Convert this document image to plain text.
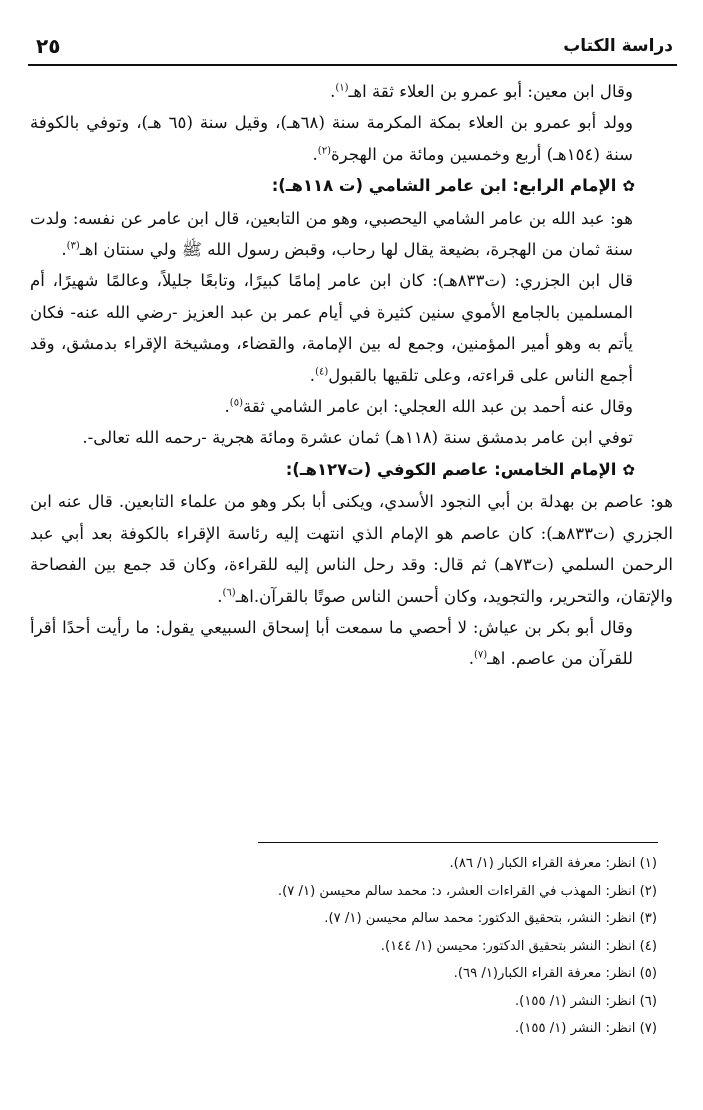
دراسة الكتاب
٢٥

وقال ابن معين: أبو عمرو بن العلاء ثقة اهـ$^{(١)}$.

وولد أبو عمرو بن العلاء بمكة المكرمة سنة (٦٨هـ)، وقيل سنة (٦٥ هـ)، وتوفي بالكوفة سنة (١٥٤هـ) أربع وخمسين ومائة من الهجرة$^{(٢)}$.

✿الإمام الرابع: ابن عامر الشامي (ت ١١٨هـ):

هو: عبد الله بن عامر الشامي اليحصبي، وهو من التابعين، قال ابن عامر عن نفسه: ولدت سنة ثمان من الهجرة، بضيعة يقال لها رحاب، وقبض رسول الله ﷺ ولي سنتان اهـ$^{(٣)}$.

قال ابن الجزري: (ت٨٣٣هـ): كان ابن عامر إمامًا كبيرًا، وتابعًا جليلاً، وعالمًا شهيرًا، أم المسلمين بالجامع الأموي سنين كثيرة في أيام عمر بن عبد العزيز -رضي الله عنه- فكان يأتم به وهو أمير المؤمنين، وجمع له بين الإمامة، والقضاء، ومشيخة الإقراء بدمشق، وقد أجمع الناس على قراءته، وعلى تلقيها بالقبول$^{(٤)}$.

وقال عنه أحمد بن عبد الله العجلي: ابن عامر الشامي ثقة$^{(٥)}$.

توفي ابن عامر بدمشق سنة (١١٨هـ) ثمان عشرة ومائة هجرية -رحمه الله تعالى-.

✿الإمام الخامس: عاصم الكوفي (ت١٢٧هـ):

هو: عاصم بن بهدلة بن أبي النجود الأسدي، ويكنى أبا بكر وهو من علماء التابعين. قال عنه ابن الجزري (ت٨٣٣هـ): كان عاصم هو الإمام الذي انتهت إليه رئاسة الإقراء بالكوفة بعد أبي عبد الرحمن السلمي (ت٧٣هـ) ثم قال: وقد رحل الناس إليه للقراءة، وكان قد جمع بين الفصاحة والإتقان، والتحرير، والتجويد، وكان أحسن الناس صوتًا بالقرآن.اهـ$^{(٦)}$.

وقال أبو بكر بن عياش: لا أحصي ما سمعت أبا إسحاق السبيعي يقول: ما رأيت أحدًا أقرأ للقرآن من عاصم. اهـ$^{(٧)}$.

(١) انظر: معرفة القراء الكبار (١/ ٨٦).

(٢) انظر: المهذب في القراءات العشر، د: محمد سالم محيسن (١/ ٧).

(٣) انظر: النشر، بتحقيق الدكتور: محمد سالم محيسن (١/ ٧).

(٤) انظر: النشر بتحقيق الدكتور: محيسن (١/ ١٤٤).

(٥) انظر: معرفة القراء الكبار(١/ ٦٩).

(٦) انظر: النشر (١/ ١٥٥).

(٧) انظر: النشر (١/ ١٥٥).
